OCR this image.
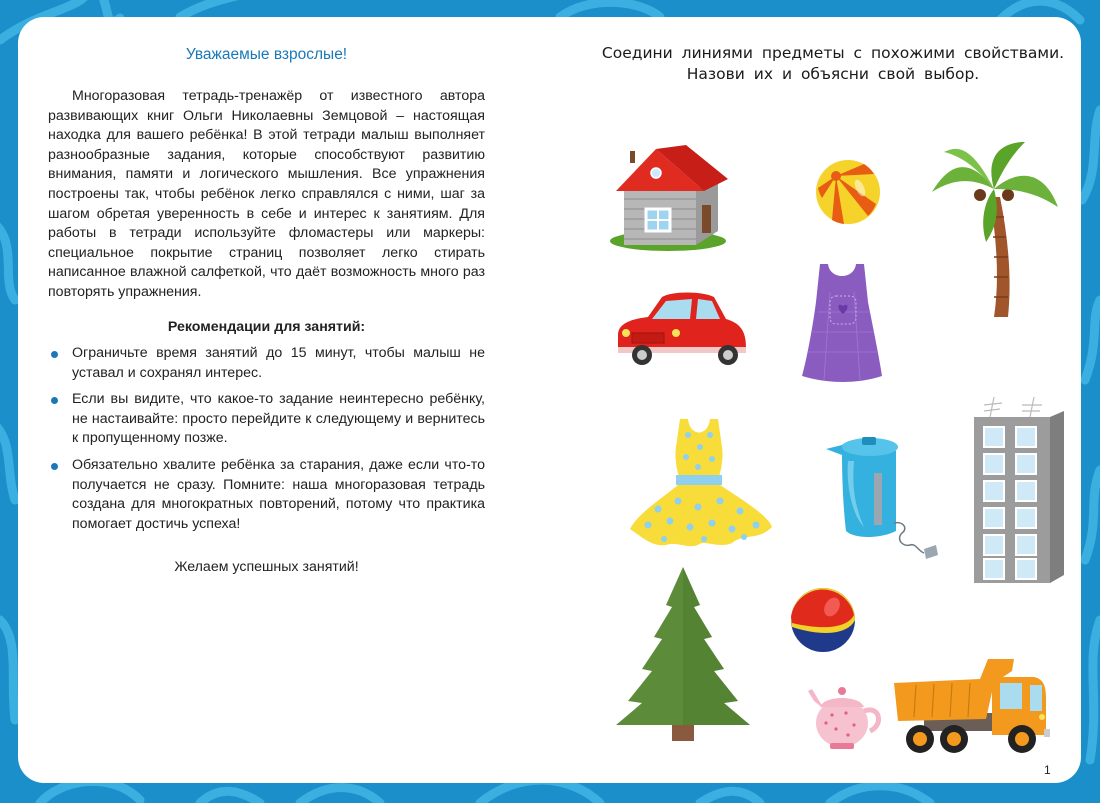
Уважаемые взрослые!
Многоразовая тетрадь-тренажёр от известного автора развивающих книг Ольги Николаевны Земцовой – настоящая находка для вашего ребёнка! В этой тетради малыш выполняет разнообразные задания, которые способствуют развитию внимания, памяти и логического мышления. Все упражнения построены так, чтобы ребёнок легко справлялся с ними, шаг за шагом обретая уверенность в себе и интерес к занятиям. Для работы в тетради используйте фломастеры или маркеры: специальное покрытие страниц позволяет легко стирать написанное влажной салфеткой, что даёт возможность много раз повторять упражнения.
Рекомендации для занятий:
Ограничьте время занятий до 15 минут, чтобы малыш не уставал и сохранял интерес.
Если вы видите, что какое-то задание неинтересно ребёнку, не настаивайте: просто перейдите к следующему и вернитесь к пропущенному позже.
Обязательно хвалите ребёнка за старания, даже если что-то получается не сразу. Помните: наша многоразовая тетрадь создана для многократных повторений, потому что практика помогает достичь успеха!
Желаем успешных занятий!
Соедини линиями предметы с похожими свойствами. Назови их и объясни свой выбор.
1
